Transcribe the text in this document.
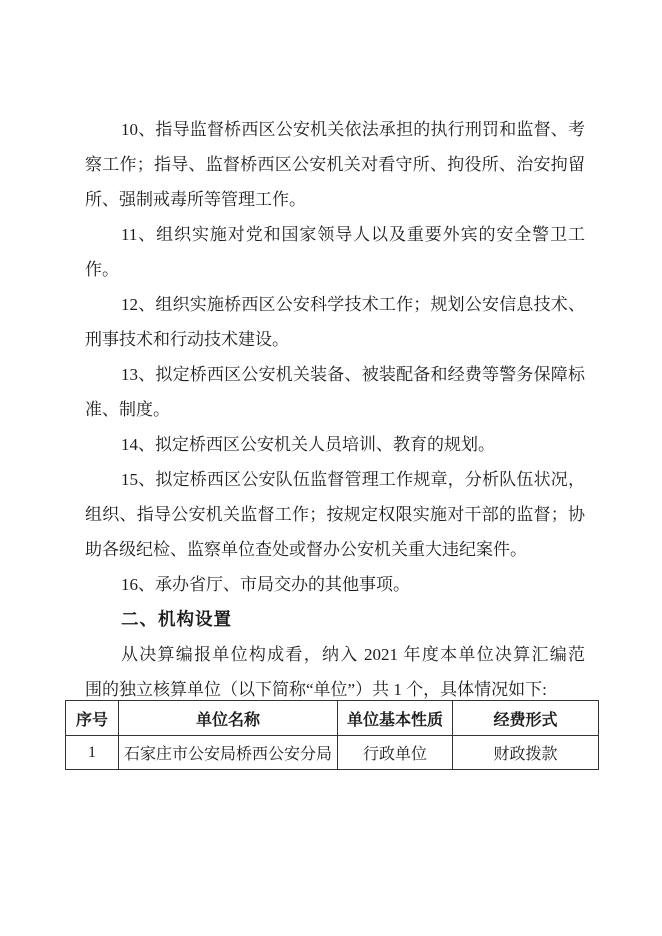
10、指导监督桥西区公安机关依法承担的执行刑罚和监督、考
察工作；指导、监督桥西区公安机关对看守所、拘役所、治安拘留
所、强制戒毒所等管理工作。
11、组织实施对党和国家领导人以及重要外宾的安全警卫工
作。
12、组织实施桥西区公安科学技术工作；规划公安信息技术、
刑事技术和行动技术建设。
13、拟定桥西区公安机关装备、被装配备和经费等警务保障标
准、制度。
14、拟定桥西区公安机关人员培训、教育的规划。
15、拟定桥西区公安队伍监督管理工作规章，分析队伍状况，
组织、指导公安机关监督工作；按规定权限实施对干部的监督；协
助各级纪检、监察单位查处或督办公安机关重大违纪案件。
16、承办省厅、市局交办的其他事项。
二、机构设置
从决算编报单位构成看，纳入 2021 年度本单位决算汇编范
围的独立核算单位（以下简称“单位”）共 1 个，具体情况如下:
序号	单位名称	单位基本性质	经费形式
1	石家庄市公安局桥西公安分局	行政单位	财政拨款
